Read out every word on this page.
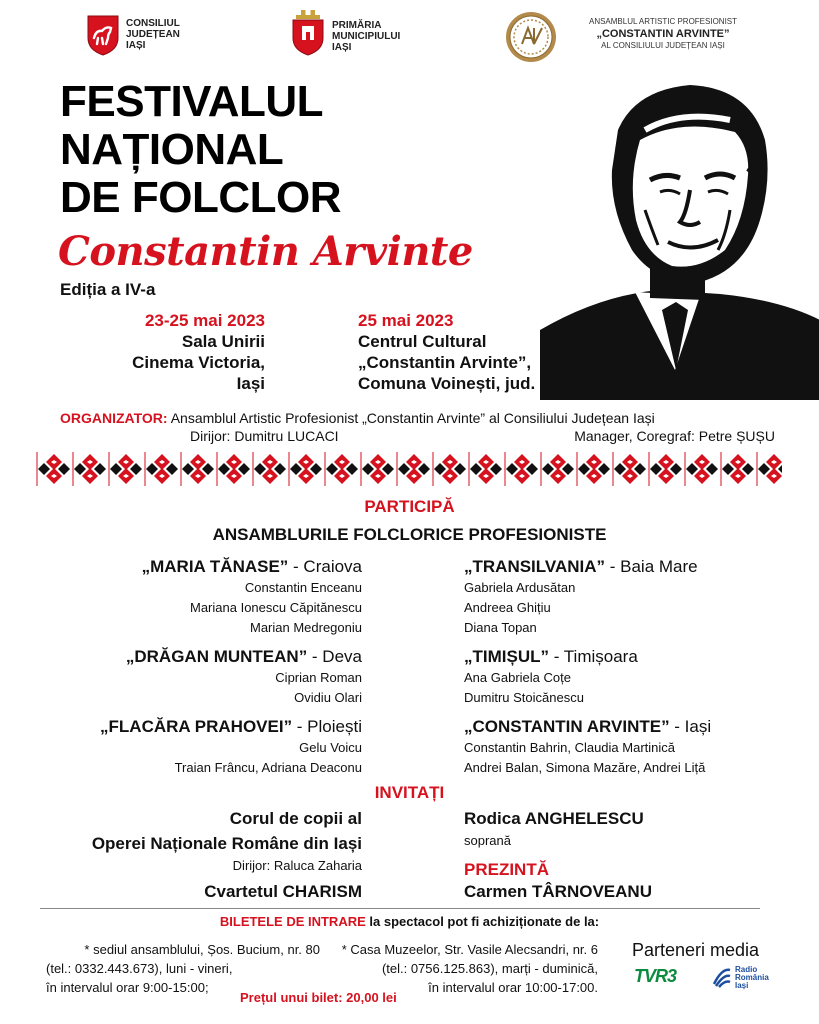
CONSILIUL
JUDEȚEAN
IAȘI
PRIMĂRIA
MUNICIPIULUI
IAȘI
ANSAMBLUL ARTISTIC PROFESIONIST
„CONSTANTIN ARVINTE”
AL CONSILIULUI JUDEȚEAN IAȘI
FESTIVALUL
NAȚIONAL
DE FOLCLOR
Constantin Arvinte
Ediția a IV-a
23-25 mai 2023
Sala Unirii
Cinema Victoria,
Iași
25 mai 2023
Centrul Cultural
„Constantin Arvinte”,
Comuna Voinești, jud. Iași
ORGANIZATOR: Ansamblul Artistic Profesionist „Constantin Arvinte” al Consiliului Județean Iași
Dirijor: Dumitru LUCACI	Manager, Coregraf: Petre ȘUȘU
PARTICIPĂ
ANSAMBLURILE FOLCLORICE PROFESIONISTE
„MARIA TĂNASE” - Craiova
Constantin Enceanu
Mariana Ionescu Căpitănescu
Marian Medregoniu
„DRĂGAN MUNTEAN” - Deva
Ciprian Roman
Ovidiu Olari
„FLACĂRA PRAHOVEI” - Ploiești
Gelu Voicu
Traian Frâncu, Adriana Deaconu
„TRANSILVANIA” - Baia Mare
Gabriela Ardusătan
Andreea Ghițiu
Diana Topan
„TIMIȘUL” - Timișoara
Ana Gabriela Coțe
Dumitru Stoicănescu
„CONSTANTIN ARVINTE” - Iași
Constantin Bahrin, Claudia Martinică
Andrei Balan, Simona Mazăre, Andrei Liță
INVITAȚI
Corul de copii al
Operei Naționale Române din Iași
Dirijor: Raluca Zaharia
Cvartetul CHARISM
Rodica ANGHELESCU
soprană
PREZINTĂ
Carmen TÂRNOVEANU
BILETELE DE INTRARE la spectacol pot fi achiziționate de la:
* sediul ansamblului, Șos. Bucium, nr. 80
(tel.: 0332.443.673), luni - vineri,
în intervalul orar 9:00-15:00;
* Casa Muzeelor, Str. Vasile Alecsandri, nr. 6
(tel.: 0756.125.863), marți - duminică,
în intervalul orar 10:00-17:00.
Prețul unui bilet: 20,00 lei
Parteneri media
TVR3	Radio
România
Iași
